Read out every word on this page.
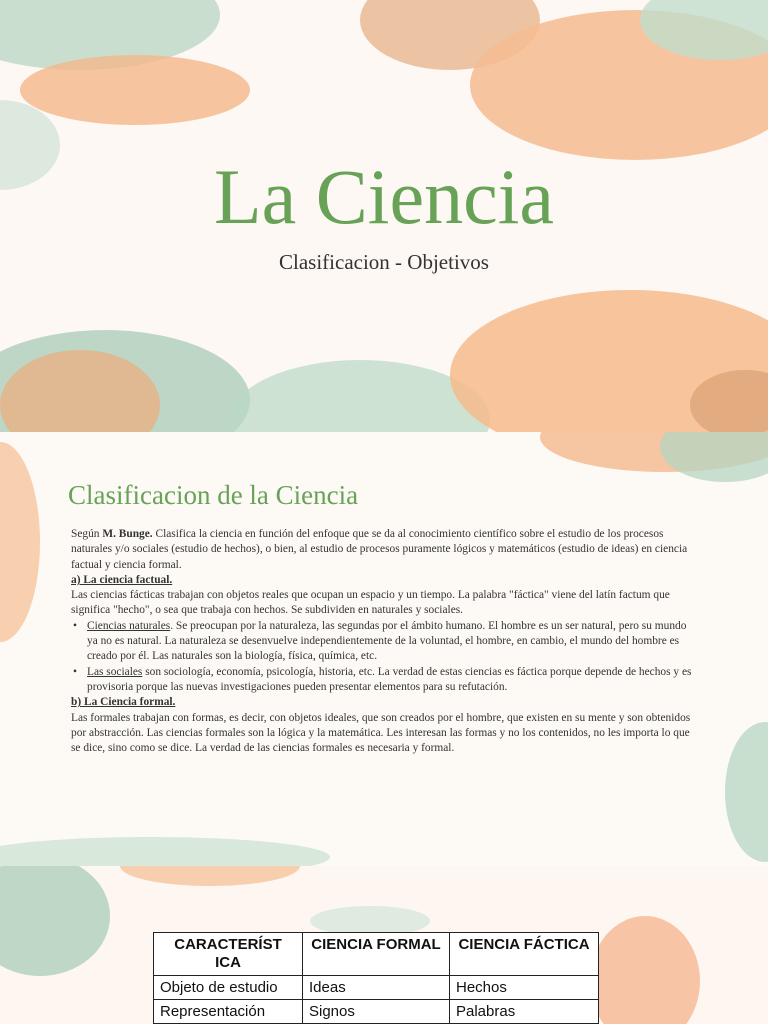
La Ciencia
Clasificacion - Objetivos
Clasificacion de la Ciencia

Según M. Bunge. Clasifica la ciencia en función del enfoque que se da al conocimiento científico sobre el estudio de los procesos naturales y/o sociales (estudio de hechos), o bien, al estudio de procesos puramente lógicos y matemáticos (estudio de ideas) en ciencia factual y ciencia formal.

a) La ciencia factual.

Las ciencias fácticas trabajan con objetos reales que ocupan un espacio y un tiempo. La palabra "fáctica" viene del latín factum que significa "hecho", o sea que trabaja con hechos. Se subdividen en naturales y sociales.

• Ciencias naturales. Se preocupan por la naturaleza, las segundas por el ámbito humano. El hombre es un ser natural, pero su mundo ya no es natural. La naturaleza se desenvuelve independientemente de la voluntad, el hombre, en cambio, el mundo del hombre es creado por él. Las naturales son la biología, física, química, etc.
• Las sociales son sociología, economía, psicología, historia, etc. La verdad de estas ciencias es fáctica porque depende de hechos y es provisoria porque las nuevas investigaciones pueden presentar elementos para su refutación.

b) La Ciencia formal.

Las formales trabajan con formas, es decir, con objetos ideales, que son creados por el hombre, que existen en su mente y son obtenidos por abstracción. Las ciencias formales son la lógica y la matemática. Les interesan las formas y no los contenidos, no les importa lo que se dice, sino como se dice. La verdad de las ciencias formales es necesaria y formal.

CARACTERÍST ICA	CIENCIA FORMAL	CIENCIA FÁCTICA
Objeto de estudio	Ideas	Hechos
Representación	Signos	Palabras
